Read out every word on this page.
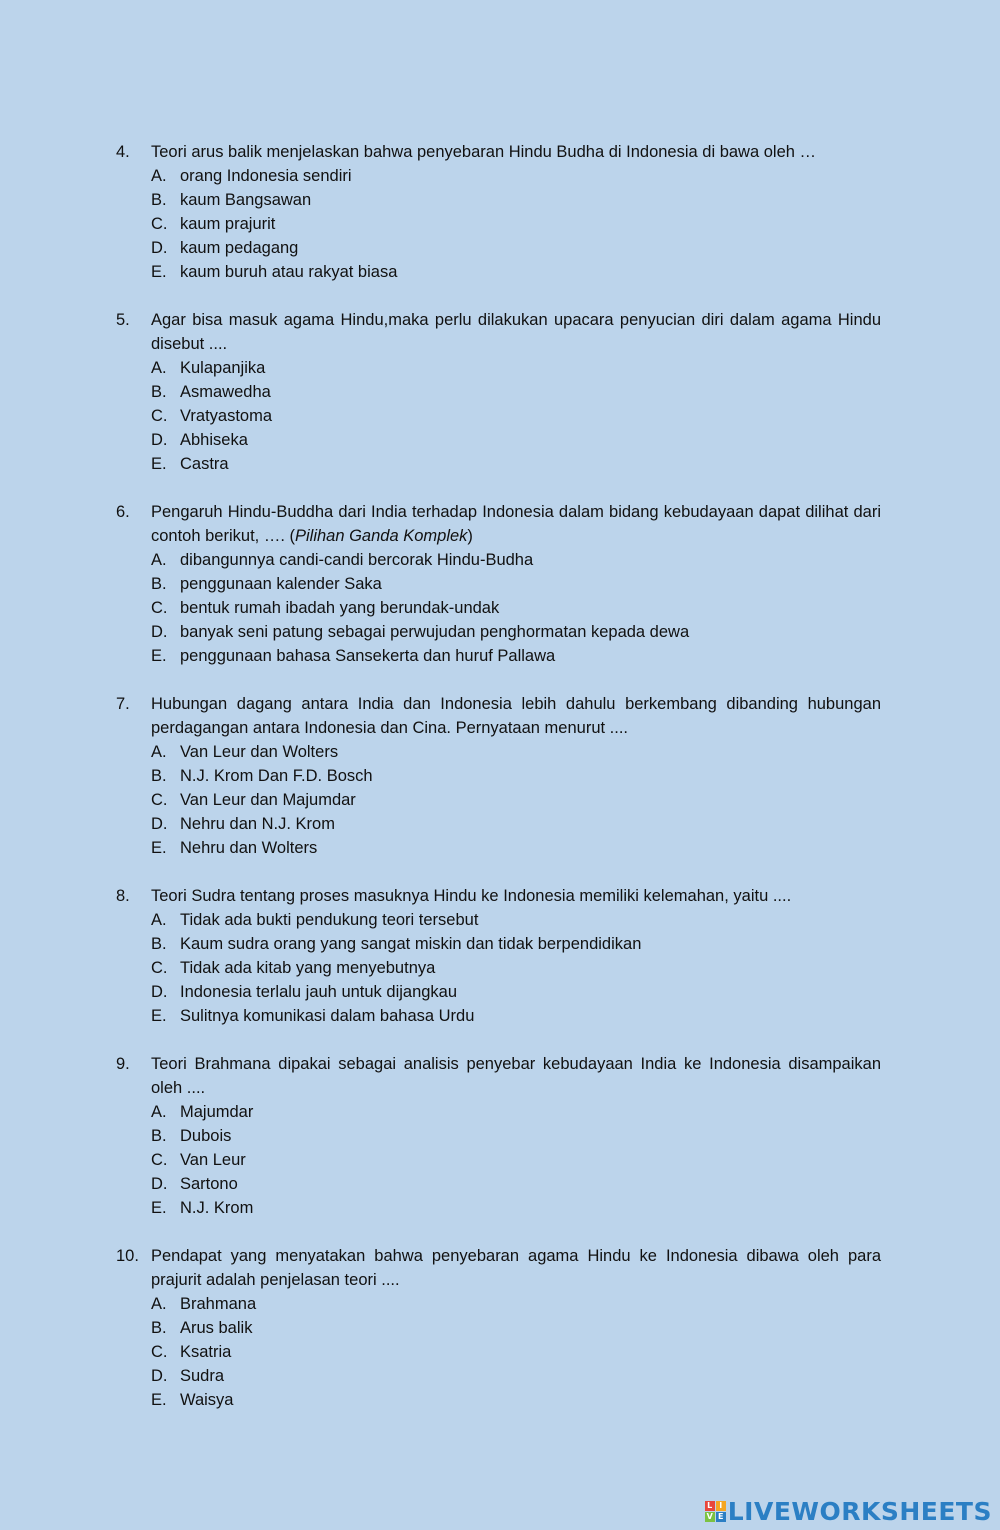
4. Teori arus balik menjelaskan bahwa penyebaran Hindu Budha di Indonesia di bawa oleh …
A. orang Indonesia sendiri
B. kaum Bangsawan
C. kaum prajurit
D. kaum pedagang
E. kaum buruh atau rakyat biasa
5. Agar bisa masuk agama Hindu,maka perlu dilakukan upacara penyucian diri dalam agama Hindu disebut ....
A. Kulapanjika
B. Asmawedha
C. Vratyastoma
D. Abhiseka
E. Castra
6. Pengaruh Hindu-Buddha dari India terhadap Indonesia dalam bidang kebudayaan dapat dilihat dari contoh berikut, …. (Pilihan Ganda Komplek)
A. dibangunnya candi-candi bercorak Hindu-Budha
B. penggunaan kalender Saka
C. bentuk rumah ibadah yang berundak-undak
D. banyak seni patung sebagai perwujudan penghormatan kepada dewa
E. penggunaan bahasa Sansekerta dan huruf Pallawa
7. Hubungan dagang antara India dan Indonesia lebih dahulu berkembang dibanding hubungan perdagangan antara Indonesia dan Cina. Pernyataan menurut ....
A. Van Leur dan Wolters
B. N.J. Krom Dan F.D. Bosch
C. Van Leur dan Majumdar
D. Nehru dan N.J. Krom
E. Nehru dan Wolters
8. Teori Sudra tentang proses masuknya Hindu ke Indonesia memiliki kelemahan, yaitu ....
A. Tidak ada bukti pendukung teori tersebut
B. Kaum sudra orang yang sangat miskin dan tidak berpendidikan
C. Tidak ada kitab yang menyebutnya
D. Indonesia terlalu jauh untuk dijangkau
E. Sulitnya komunikasi dalam bahasa Urdu
9. Teori Brahmana dipakai sebagai analisis penyebar kebudayaan India ke Indonesia disampaikan oleh ....
A. Majumdar
B. Dubois
C. Van Leur
D. Sartono
E. N.J. Krom
10. Pendapat yang menyatakan bahwa penyebaran agama Hindu ke Indonesia dibawa oleh para prajurit adalah penjelasan teori ....
A. Brahmana
B. Arus balik
C. Ksatria
D. Sudra
E. Waisya
L I
V E LIVEWORKSHEETS
